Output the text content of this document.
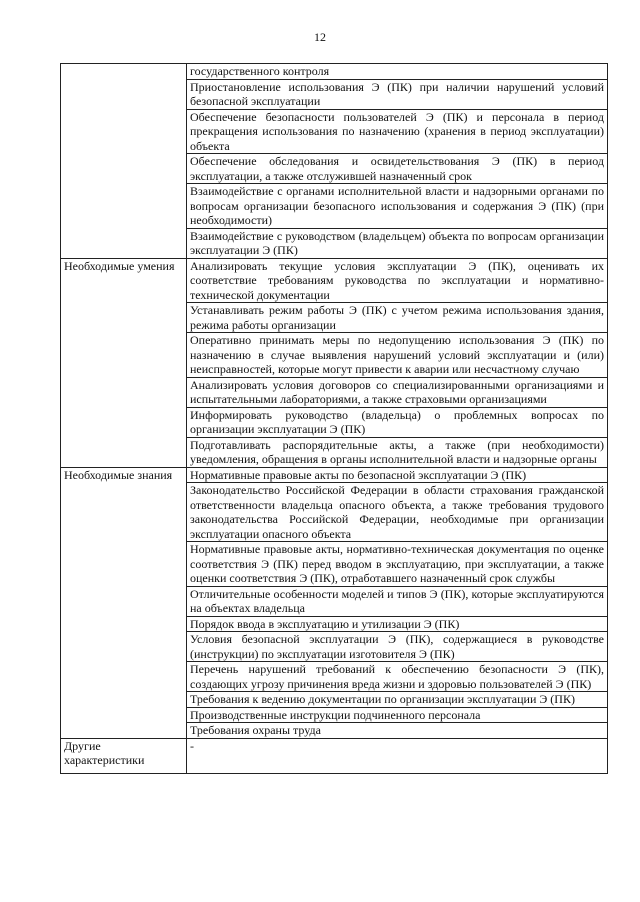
12
	государственного контроля
	Приостановление использования Э (ПК) при наличии нарушений условий безопасной эксплуатации
	Обеспечение безопасности пользователей Э (ПК) и персонала в период прекращения использования по назначению (хранения в период эксплуатации) объекта
	Обеспечение обследования и освидетельствования Э (ПК) в период эксплуатации, а также отслужившей назначенный срок
	Взаимодействие с органами исполнительной власти и надзорными органами по вопросам организации безопасного использования и содержания Э (ПК) (при необходимости)
	Взаимодействие с руководством (владельцем) объекта по вопросам организации эксплуатации Э (ПК)
Необходимые умения	Анализировать текущие условия эксплуатации Э (ПК), оценивать их соответствие требованиям руководства по эксплуатации и нормативно-технической документации
	Устанавливать режим работы Э (ПК) с учетом режима использования здания, режима работы организации
	Оперативно принимать меры по недопущению использования Э (ПК) по назначению в случае выявления нарушений условий эксплуатации и (или) неисправностей, которые могут привести к аварии или несчастному случаю
	Анализировать условия договоров со специализированными организациями и испытательными лабораториями, а также страховыми организациями
	Информировать руководство (владельца) о проблемных вопросах по организации эксплуатации Э (ПК)
	Подготавливать распорядительные акты, а также (при необходимости) уведомления, обращения в органы исполнительной власти и надзорные органы
Необходимые знания	Нормативные правовые акты по безопасной эксплуатации Э (ПК)
	Законодательство Российской Федерации в области страхования гражданской ответственности владельца опасного объекта, а также требования трудового законодательства Российской Федерации, необходимые при организации эксплуатации опасного объекта
	Нормативные правовые акты, нормативно-техническая документация по оценке соответствия Э (ПК) перед вводом в эксплуатацию, при эксплуатации, а также оценки соответствия Э (ПК), отработавшего назначенный срок службы
	Отличительные особенности моделей и типов Э (ПК), которые эксплуатируются на объектах владельца
	Порядок ввода в эксплуатацию и утилизации Э (ПК)
	Условия безопасной эксплуатации Э (ПК), содержащиеся в руководстве (инструкции) по эксплуатации изготовителя Э (ПК)
	Перечень нарушений требований к обеспечению безопасности Э (ПК), создающих угрозу причинения вреда жизни и здоровью пользователей Э (ПК)
	Требования к ведению документации по организации эксплуатации Э (ПК)
	Производственные инструкции подчиненного персонала
	Требования охраны труда
Другие характеристики	-
